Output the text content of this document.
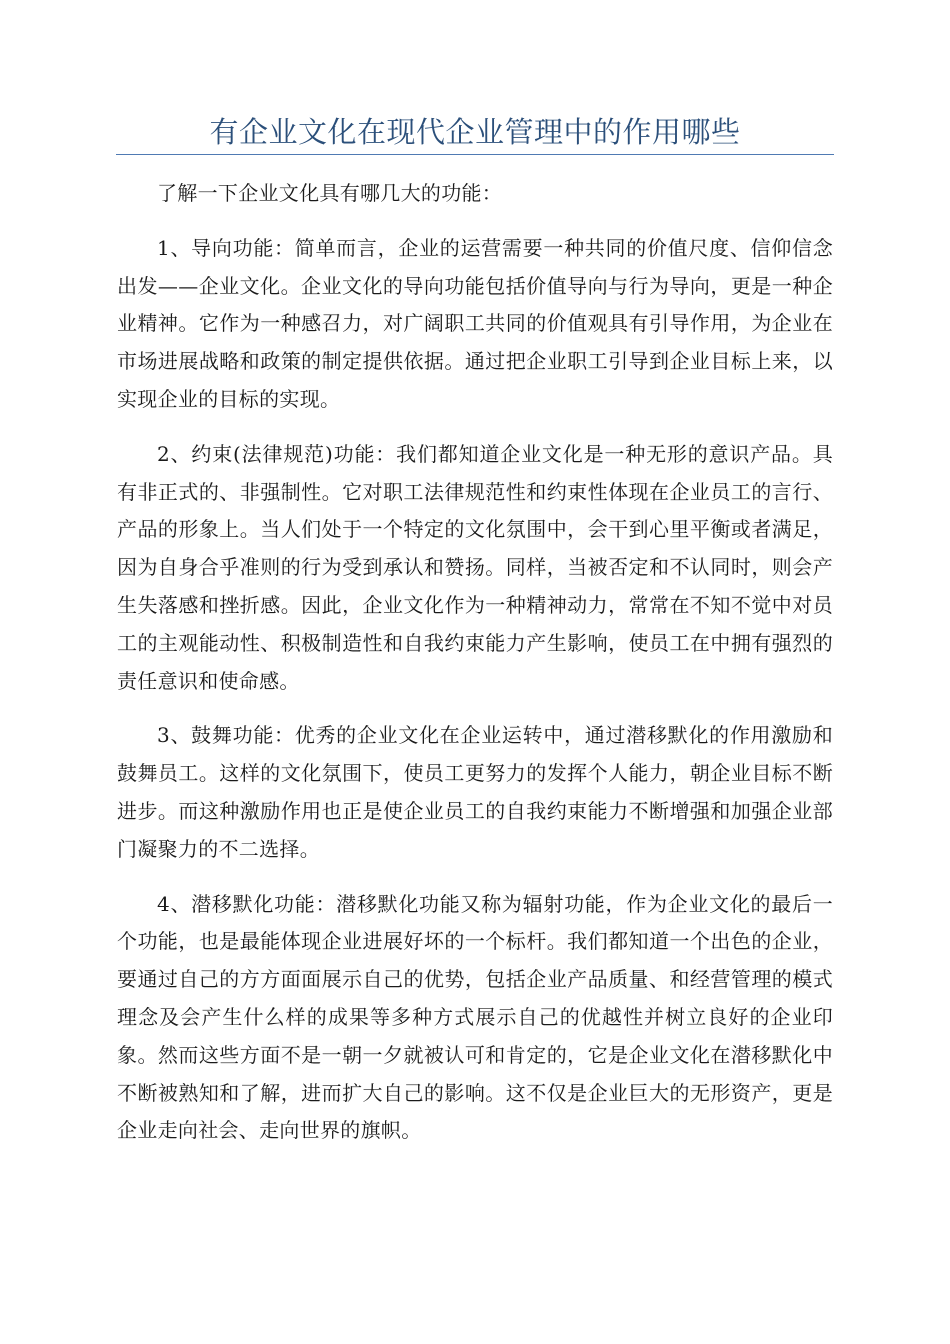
有企业文化在现代企业管理中的作用哪些

了解一下企业文化具有哪几大的功能：

1、导向功能：简单而言，企业的运营需要一种共同的价值尺度、信仰信念出发——企业文化。企业文化的导向功能包括价值导向与行为导向，更是一种企业精神。它作为一种感召力，对广阔职工共同的价值观具有引导作用，为企业在市场进展战略和政策的制定提供依据。通过把企业职工引导到企业目标上来，以实现企业的目标的实现。

2、约束(法律规范)功能：我们都知道企业文化是一种无形的意识产品。具有非正式的、非强制性。它对职工法律规范性和约束性体现在企业员工的言行、产品的形象上。当人们处于一个特定的文化氛围中，会干到心里平衡或者满足，因为自身合乎准则的行为受到承认和赞扬。同样，当被否定和不认同时，则会产生失落感和挫折感。因此，企业文化作为一种精神动力，常常在不知不觉中对员工的主观能动性、积极制造性和自我约束能力产生影响，使员工在中拥有强烈的责任意识和使命感。

3、鼓舞功能：优秀的企业文化在企业运转中，通过潜移默化的作用激励和鼓舞员工。这样的文化氛围下，使员工更努力的发挥个人能力，朝企业目标不断进步。而这种激励作用也正是使企业员工的自我约束能力不断增强和加强企业部门凝聚力的不二选择。

4、潜移默化功能：潜移默化功能又称为辐射功能，作为企业文化的最后一个功能，也是最能体现企业进展好坏的一个标杆。我们都知道一个出色的企业，要通过自己的方方面面展示自己的优势，包括企业产品质量、和经营管理的模式理念及会产生什么样的成果等多种方式展示自己的优越性并树立良好的企业印象。然而这些方面不是一朝一夕就被认可和肯定的，它是企业文化在潜移默化中不断被熟知和了解，进而扩大自己的影响。这不仅是企业巨大的无形资产，更是企业走向社会、走向世界的旗帜。
